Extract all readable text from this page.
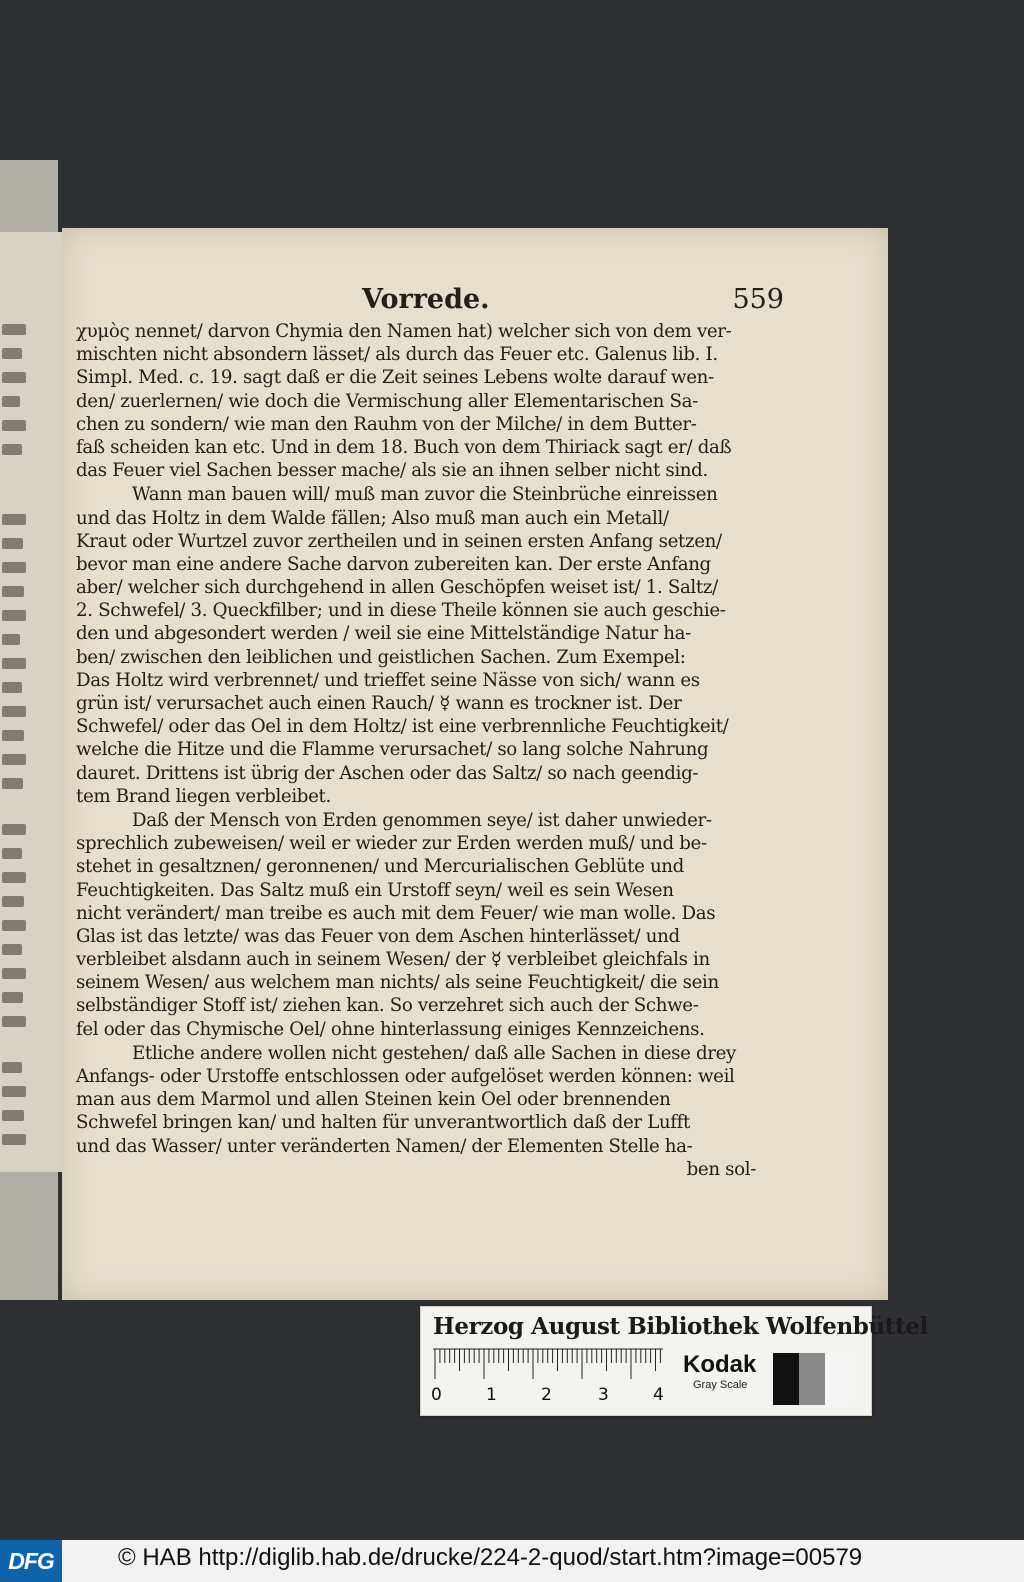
Vorrede.	559
χυμὸς nennet/ darvon Chymia den Namen hat) welcher sich von dem ver-
mischten nicht absondern lässet/ als durch das Feuer etc. Galenus lib. I.
Simpl. Med. c. 19. sagt daß er die Zeit seines Lebens wolte darauf wen-
den/ zuerlernen/ wie doch die Vermischung aller Elementarischen Sa-
chen zu sondern/ wie man den Rauhm von der Milche/ in dem Butter-
faß scheiden kan etc. Und in dem 18. Buch von dem Thiriack sagt er/ daß
das Feuer viel Sachen besser mache/ als sie an ihnen selber nicht sind.
Wann man bauen will/ muß man zuvor die Steinbrüche einreissen
und das Holtz in dem Walde fällen; Also muß man auch ein Metall/
Kraut oder Wurtzel zuvor zertheilen und in seinen ersten Anfang setzen/
bevor man eine andere Sache darvon zubereiten kan. Der erste Anfang
aber/ welcher sich durchgehend in allen Geschöpfen weiset ist/ 1. Saltz/
2. Schwefel/ 3. Queckfilber; und in diese Theile können sie auch geschie-
den und abgesondert werden / weil sie eine Mittelständige Natur ha-
ben/ zwischen den leiblichen und geistlichen Sachen. Zum Exempel:
Das Holtz wird verbrennet/ und trieffet seine Nässe von sich/ wann es
grün ist/ verursachet auch einen Rauch/ ☿ wann es trockner ist. Der
Schwefel/ oder das Oel in dem Holtz/ ist eine verbrennliche Feuchtigkeit/
welche die Hitze und die Flamme verursachet/ so lang solche Nahrung
dauret. Drittens ist übrig der Aschen oder das Saltz/ so nach geendig-
tem Brand liegen verbleibet.
Daß der Mensch von Erden genommen seye/ ist daher unwieder-
sprechlich zubeweisen/ weil er wieder zur Erden werden muß/ und be-
stehet in gesaltznen/ geronnenen/ und Mercurialischen Geblüte und
Feuchtigkeiten. Das Saltz muß ein Urstoff seyn/ weil es sein Wesen
nicht verändert/ man treibe es auch mit dem Feuer/ wie man wolle. Das
Glas ist das letzte/ was das Feuer von dem Aschen hinterlässet/ und
verbleibet alsdann auch in seinem Wesen/ der ☿ verbleibet gleichfals in
seinem Wesen/ aus welchem man nichts/ als seine Feuchtigkeit/ die sein
selbständiger Stoff ist/ ziehen kan. So verzehret sich auch der Schwe-
fel oder das Chymische Oel/ ohne hinterlassung einiges Kennzeichens.
Etliche andere wollen nicht gestehen/ daß alle Sachen in diese drey
Anfangs- oder Urstoffe entschlossen oder aufgelöset werden können: weil
man aus dem Marmol und allen Steinen kein Oel oder brennenden
Schwefel bringen kan/ und halten für unverantwortlich daß der Lufft
und das Wasser/ unter veränderten Namen/ der Elementen Stelle ha-
ben sol-
Herzog August Bibliothek Wolfenbüttel
0	1	2	3	4
Kodak
Gray Scale
DFG	© HAB http://diglib.hab.de/drucke/224-2-quod/start.htm?image=00579
